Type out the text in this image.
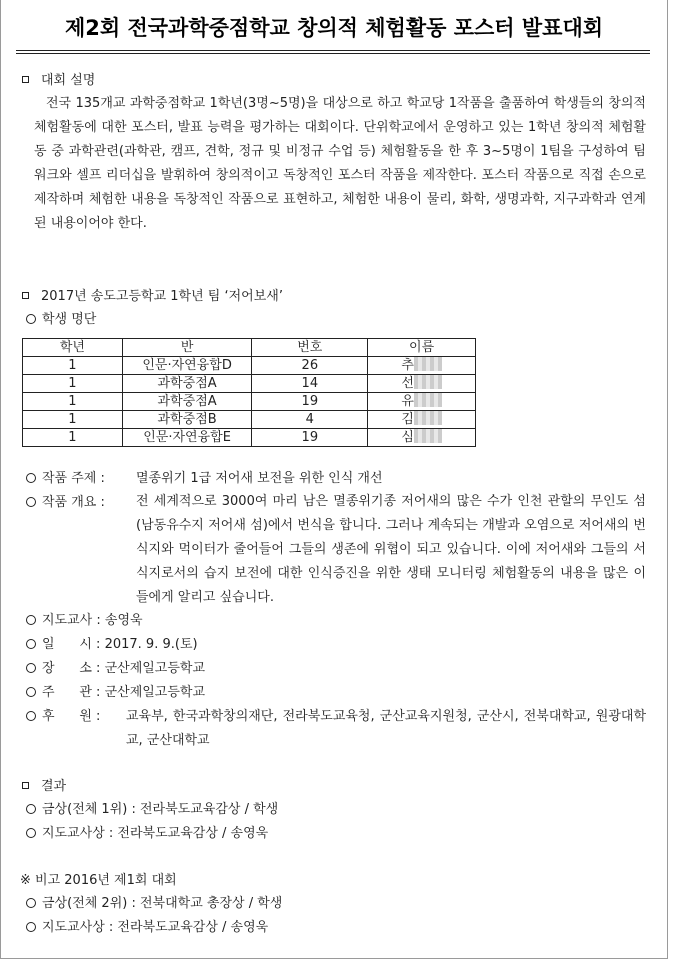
제2회 전국과학중점학교 창의적 체험활동 포스터 발표대회
대회 설명
전국 135개교 과학중점학교 1학년(3명~5명)을 대상으로 하고 학교당 1작품을 출품하여 학생들의 창의적체험활동에 대한 포스터, 발표 능력을 평가하는 대회이다. 단위학교에서 운영하고 있는 1학년 창의적 체험활동 중 과학관련(과학관, 캠프, 견학, 정규 및 비정규 수업 등) 체험활동을 한 후 3~5명이 1팀을 구성하여 팀워크와 셀프 리더십을 발휘하여 창의적이고 독창적인 포스터 작품을 제작한다. 포스터 작품으로 직접 손으로 제작하며 체험한 내용을 독창적인 작품으로 표현하고, 체험한 내용이 물리, 화학, 생명과학, 지구과학과 연계된 내용이어야 한다.
2017년 송도고등학교 1학년 팀 ‘저어보새’
학생 명단
학년	반	번호	이름
1	인문·자연융합D	26	추
1	과학중점A	14	선
1	과학중점A	19	유
1	과학중점B	4	김
1	인문·자연융합E	19	심
작품 주제 : 멸종위기 1급 저어새 보전을 위한 인식 개선
작품 개요 : 전 세계적으로 3000여 마리 남은 멸종위기종 저어새의 많은 수가 인천 관할의 무인도 섬(남동유수지 저어새 섬)에서 번식을 합니다. 그러나 계속되는 개발과 오염으로 저어새의 번식지와 먹이터가 줄어들어 그들의 생존에 위협이 되고 있습니다. 이에 저어새와 그들의 서식지로서의 습지 보전에 대한 인식증진을 위한 생태 모니터링 체험활동의 내용을 많은 이들에게 알리고 싶습니다.
지도교사 : 송영욱
일      시 : 2017. 9. 9.(토)
장      소 : 군산제일고등학교
주      관 : 군산제일고등학교
후      원 : 교육부, 한국과학창의재단, 전라북도교육청, 군산교육지원청, 군산시, 전북대학교, 원광대학교, 군산대학교
결과
금상(전체 1위) : 전라북도교육감상 / 학생
지도교사상 : 전라북도교육감상 / 송영욱
※ 비고 2016년 제1회 대회
금상(전체 2위) : 전북대학교 총장상 / 학생
지도교사상 : 전라북도교육감상 / 송영욱
